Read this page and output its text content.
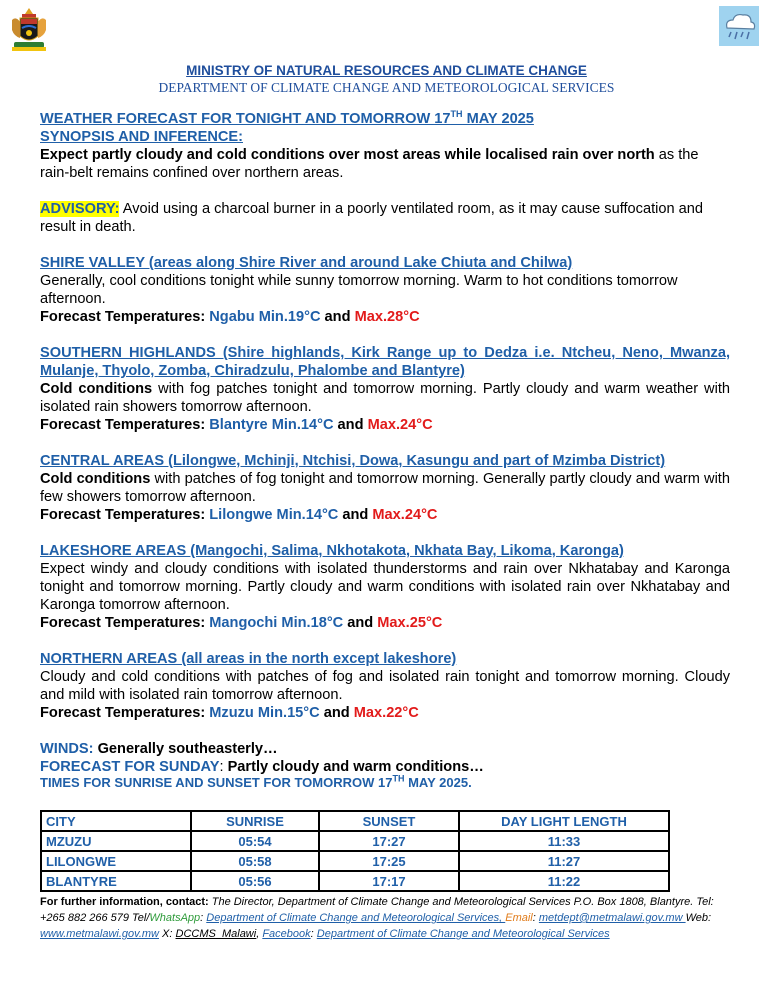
MINISTRY OF NATURAL RESOURCES AND CLIMATE CHANGE
DEPARTMENT OF CLIMATE CHANGE AND METEOROLOGICAL SERVICES
WEATHER FORECAST FOR TONIGHT AND TOMORROW 17TH MAY 2025
SYNOPSIS AND INFERENCE:
Expect partly cloudy and cold conditions over most areas while localised rain over north as the rain-belt remains confined over northern areas.
ADVISORY: Avoid using a charcoal burner in a poorly ventilated room, as it may cause suffocation and result in death.
SHIRE VALLEY (areas along Shire River and around Lake Chiuta and Chilwa)
Generally, cool conditions tonight while sunny tomorrow morning. Warm to hot conditions tomorrow afternoon.
Forecast Temperatures: Ngabu Min.19°C and Max.28°C
SOUTHERN HIGHLANDS (Shire highlands, Kirk Range up to Dedza i.e. Ntcheu, Neno, Mwanza, Mulanje, Thyolo, Zomba, Chiradzulu, Phalombe and Blantyre)
Cold conditions with fog patches tonight and tomorrow morning. Partly cloudy and warm weather with isolated rain showers tomorrow afternoon.
Forecast Temperatures: Blantyre Min.14°C and Max.24°C
CENTRAL AREAS (Lilongwe, Mchinji, Ntchisi, Dowa, Kasungu and part of Mzimba District)
Cold conditions with patches of fog tonight and tomorrow morning. Generally partly cloudy and warm with few showers tomorrow afternoon.
Forecast Temperatures: Lilongwe Min.14°C and Max.24°C
LAKESHORE AREAS (Mangochi, Salima, Nkhotakota, Nkhata Bay, Likoma, Karonga)
Expect windy and cloudy conditions with isolated thunderstorms and rain over Nkhatabay and Karonga tonight and tomorrow morning. Partly cloudy and warm conditions with isolated rain over Nkhatabay and Karonga tomorrow afternoon.
Forecast Temperatures: Mangochi Min.18°C and Max.25°C
NORTHERN AREAS (all areas in the north except lakeshore)
Cloudy and cold conditions with patches of fog and isolated rain tonight and tomorrow morning. Cloudy and mild with isolated rain tomorrow afternoon.
Forecast Temperatures: Mzuzu Min.15°C and Max.22°C
WINDS: Generally southeasterly…
FORECAST FOR SUNDAY: Partly cloudy and warm conditions…
TIMES FOR SUNRISE AND SUNSET FOR TOMORROW 17TH MAY 2025.
CITY	SUNRISE	SUNSET	DAY LIGHT LENGTH
MZUZU	05:54	17:27	11:33
LILONGWE	05:58	17:25	11:27
BLANTYRE	05:56	17:17	11:22
For further information, contact: The Director, Department of Climate Change and Meteorological Services P.O. Box 1808, Blantyre. Tel: +265 882 266 579 Tel/WhatsApp: Department of Climate Change and Meteorological Services, Email: metdept@metmalawi.gov.mw Web: www.metmalawi.gov.mw X: DCCMS_Malawi, Facebook: Department of Climate Change and Meteorological Services
